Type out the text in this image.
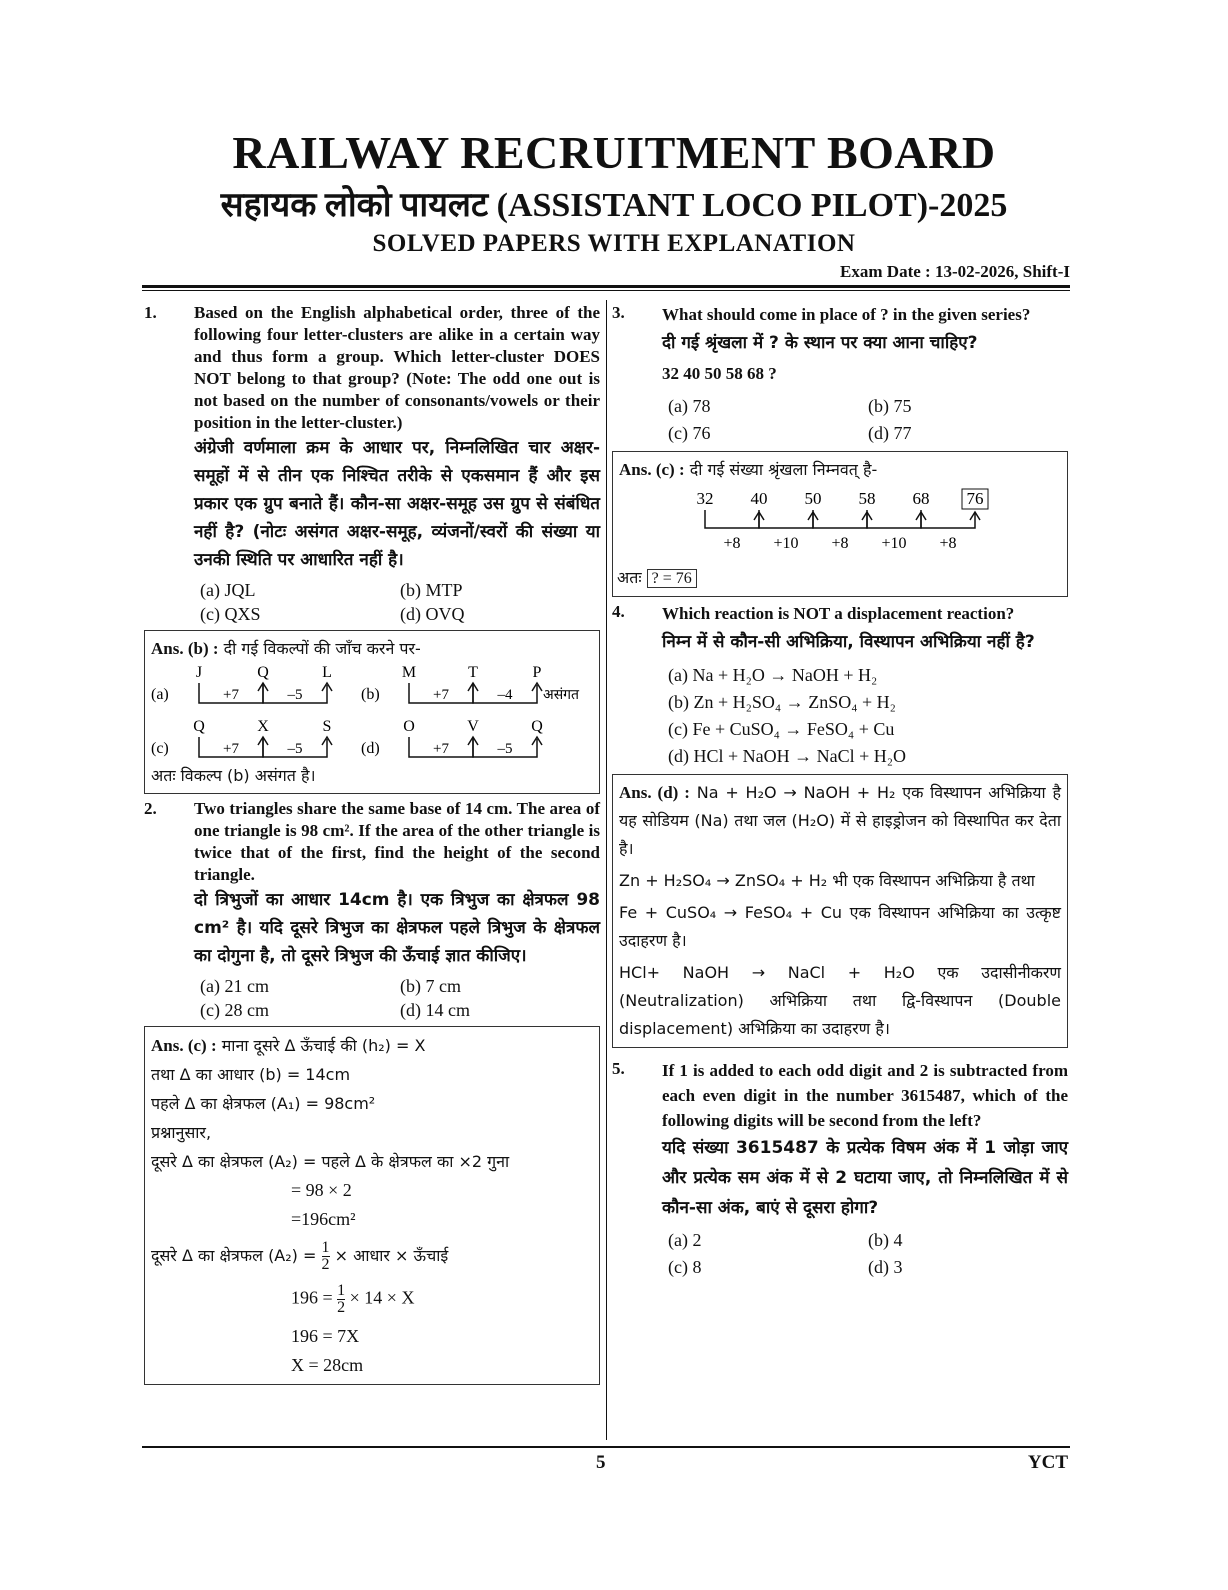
RAILWAY RECRUITMENT BOARD
सहायक लोको पायलट (ASSISTANT LOCO PILOT)-2025
SOLVED PAPERS WITH EXPLANATION
Exam Date : 13-02-2026, Shift-I
1.	Based on the English alphabetical order, three of the following four letter-clusters are alike in a certain way and thus form a group. Which letter-cluster DOES NOT belong to that group? (Note: The odd one out is not based on the number of consonants/vowels or their position in the letter-cluster.)

अंग्रेजी वर्णमाला क्रम के आधार पर, निम्नलिखित चार अक्षर-समूहों में से तीन एक निश्चित तरीके से एकसमान हैं और इस प्रकार एक ग्रुप बनाते हैं। कौन-सा अक्षर-समूह उस ग्रुप से संबंधित नहीं है? (नोटः असंगत अक्षर-समूह, व्यंजनों/स्वरों की संख्या या उनकी स्थिति पर आधारित नहीं है।

(a) JQL	(b) MTP
(c) QXS	(d) OVQ
Ans. (b) : दी गई विकल्पों की जाँच करने पर-
(a)
J	Q	L
+7	–5	(b)
M	T	P
+7	–4
(c)
Q	X	S
+7	–5	(d)
O	V	Q
+7	–5
असंगत
अतः विकल्प (b) असंगत है।
2.	Two triangles share the same base of 14 cm. The area of one triangle is 98 cm². If the area of the other triangle is twice that of the first, find the height of the second triangle.

दो त्रिभुजों का आधार 14cm है। एक त्रिभुज का क्षेत्रफल 98 cm² है। यदि दूसरे त्रिभुज का क्षेत्रफल पहले त्रिभुज के क्षेत्रफल का दोगुना है, तो दूसरे त्रिभुज की ऊँचाई ज्ञात कीजिए।

(a) 21 cm	(b) 7 cm
(c) 28 cm	(d) 14 cm
Ans. (c) : माना दूसरे Δ ऊँचाई की (h₂) = X
तथा Δ का आधार (b) = 14cm
पहले Δ का क्षेत्रफल (A₁) = 98cm²
प्रश्नानुसार,
दूसरे Δ का क्षेत्रफल (A₂) = पहले Δ के क्षेत्रफल का ×2 गुना
= 98 × 2
=196cm²
दूसरे Δ का क्षेत्रफल $(A_2) = \frac{1}{2}$ × आधार × ऊँचाई
$196 = \frac{1}{2} \times 14 \times X$
196 = 7X
X = 28cm
3.	What should come in place of ? in the given series?

दी गई श्रृंखला में ? के स्थान पर क्या आना चाहिए?

32 40 50 58 68 ?

(a) 78	(b) 75
(c) 76	(d) 77
Ans. (c) : दी गई संख्या श्रृंखला निम्नवत् है-
32 40 50 58 68 76
+8 +10 +8 +10 +8
अतः ? = 76
4.	Which reaction is NOT a displacement reaction?

निम्न में से कौन-सी अभिक्रिया, विस्थापन अभिक्रिया नहीं है?

(a) Na + H₂O → NaOH + H₂
(b) Zn + H₂SO₄ → ZnSO₄ + H₂
(c) Fe + CuSO₄ → FeSO₄ + Cu
(d) HCl + NaOH → NaCl + H₂O
Ans. (d) : Na + H₂O → NaOH + H₂ एक विस्थापन अभिक्रिया है यह सोडियम (Na) तथा जल (H₂O) में से हाइड्रोजन को विस्थापित कर देता है।
Zn + H₂SO₄ → ZnSO₄ + H₂ भी एक विस्थापन अभिक्रिया है तथा
Fe + CuSO₄ → FeSO₄ + Cu एक विस्थापन अभिक्रिया का उत्कृष्ट उदाहरण है।
HCl+ NaOH → NaCl + H₂O एक उदासीनीकरण (Neutralization) अभिक्रिया तथा द्वि-विस्थापन (Double displacement) अभिक्रिया का उदाहरण है।
5.	If 1 is added to each odd digit and 2 is subtracted from each even digit in the number 3615487, which of the following digits will be second from the left?

यदि संख्या 3615487 के प्रत्येक विषम अंक में 1 जोड़ा जाए और प्रत्येक सम अंक में से 2 घटाया जाए, तो निम्नलिखित में से कौन-सा अंक, बाएं से दूसरा होगा?

(a) 2	(b) 4
(c) 8	(d) 3
5	YCT
